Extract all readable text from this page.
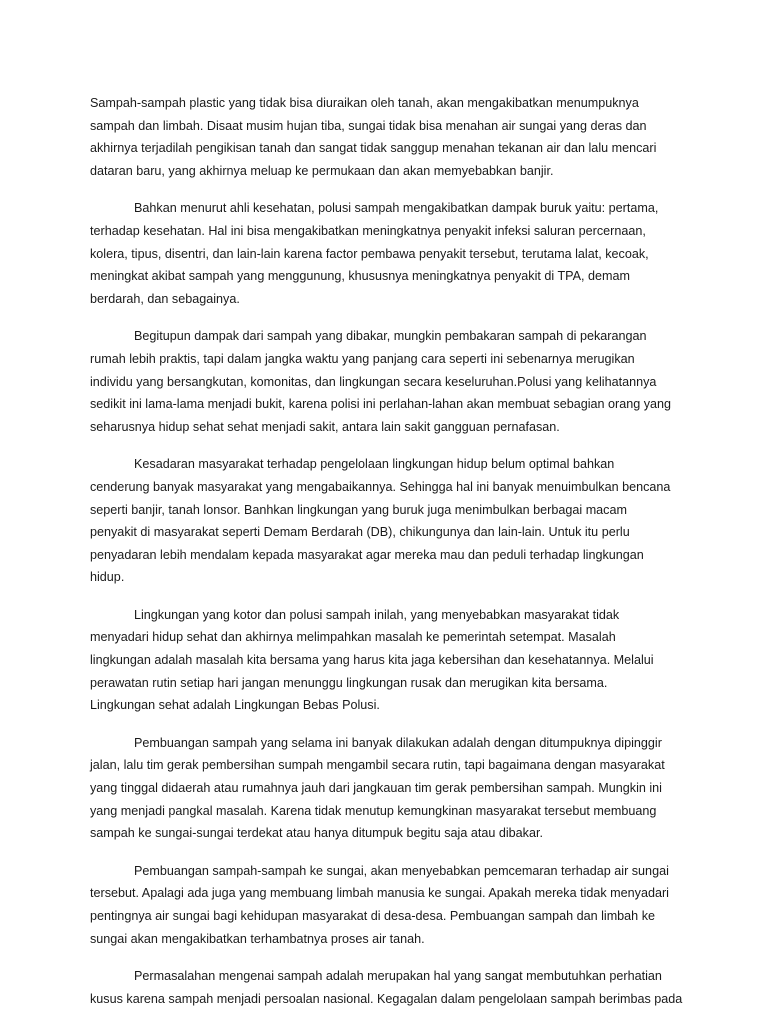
Sampah-sampah plastic yang tidak bisa diuraikan oleh tanah, akan mengakibatkan menumpuknya
sampah dan limbah. Disaat musim hujan tiba, sungai tidak bisa menahan air sungai yang deras dan
akhirnya terjadilah pengikisan tanah dan sangat tidak sanggup menahan tekanan air dan lalu mencari
dataran baru, yang akhirnya meluap ke permukaan dan akan memyebabkan banjir.

Bahkan menurut ahli kesehatan, polusi sampah mengakibatkan dampak buruk yaitu: pertama,
terhadap kesehatan. Hal ini bisa mengakibatkan meningkatnya penyakit infeksi saluran percernaan,
kolera, tipus, disentri, dan lain-lain karena factor pembawa penyakit tersebut, terutama lalat, kecoak,
meningkat akibat sampah yang menggunung, khususnya meningkatnya penyakit di TPA, demam
berdarah, dan sebagainya.

Begitupun dampak dari sampah yang dibakar, mungkin pembakaran sampah di pekarangan
rumah lebih praktis, tapi dalam jangka waktu yang panjang cara seperti ini sebenarnya merugikan
individu yang bersangkutan, komonitas, dan lingkungan secara keseluruhan.Polusi yang kelihatannya
sedikit ini lama-lama menjadi bukit, karena polisi ini perlahan-lahan akan membuat sebagian orang yang
seharusnya hidup sehat sehat menjadi sakit, antara lain sakit gangguan pernafasan.

Kesadaran masyarakat terhadap pengelolaan lingkungan hidup belum optimal bahkan
cenderung banyak masyarakat yang mengabaikannya. Sehingga hal ini banyak menuimbulkan bencana
seperti banjir, tanah lonsor. Banhkan lingkungan yang buruk juga menimbulkan berbagai macam
penyakit di masyarakat seperti Demam Berdarah (DB), chikungunya dan lain-lain. Untuk itu perlu
penyadaran lebih mendalam kepada masyarakat agar mereka mau dan peduli terhadap lingkungan
hidup.

Lingkungan yang kotor dan polusi sampah inilah, yang menyebabkan masyarakat tidak
menyadari hidup sehat dan akhirnya melimpahkan masalah ke pemerintah setempat. Masalah
lingkungan adalah masalah kita bersama yang harus kita jaga kebersihan dan kesehatannya. Melalui
perawatan rutin setiap hari jangan menunggu lingkungan rusak dan merugikan kita bersama.
Lingkungan sehat adalah Lingkungan Bebas Polusi.

Pembuangan sampah yang selama ini banyak dilakukan adalah dengan ditumpuknya dipinggir
jalan, lalu tim gerak pembersihan sumpah mengambil secara rutin, tapi bagaimana dengan masyarakat
yang tinggal didaerah atau rumahnya jauh dari jangkauan tim gerak pembersihan sampah. Mungkin ini
yang menjadi pangkal masalah. Karena tidak menutup kemungkinan masyarakat tersebut membuang
sampah ke sungai-sungai terdekat atau hanya ditumpuk begitu saja atau dibakar.

Pembuangan sampah-sampah ke sungai, akan menyebabkan pemcemaran terhadap air sungai
tersebut. Apalagi ada juga yang membuang limbah manusia ke sungai. Apakah mereka tidak menyadari
pentingnya air sungai bagi kehidupan masyarakat di desa-desa. Pembuangan sampah dan limbah ke
sungai akan mengakibatkan terhambatnya proses air tanah.

Permasalahan mengenai sampah adalah merupakan hal yang sangat membutuhkan perhatian
kusus karena sampah menjadi persoalan nasional. Kegagalan dalam pengelolaan sampah berimbas pada
